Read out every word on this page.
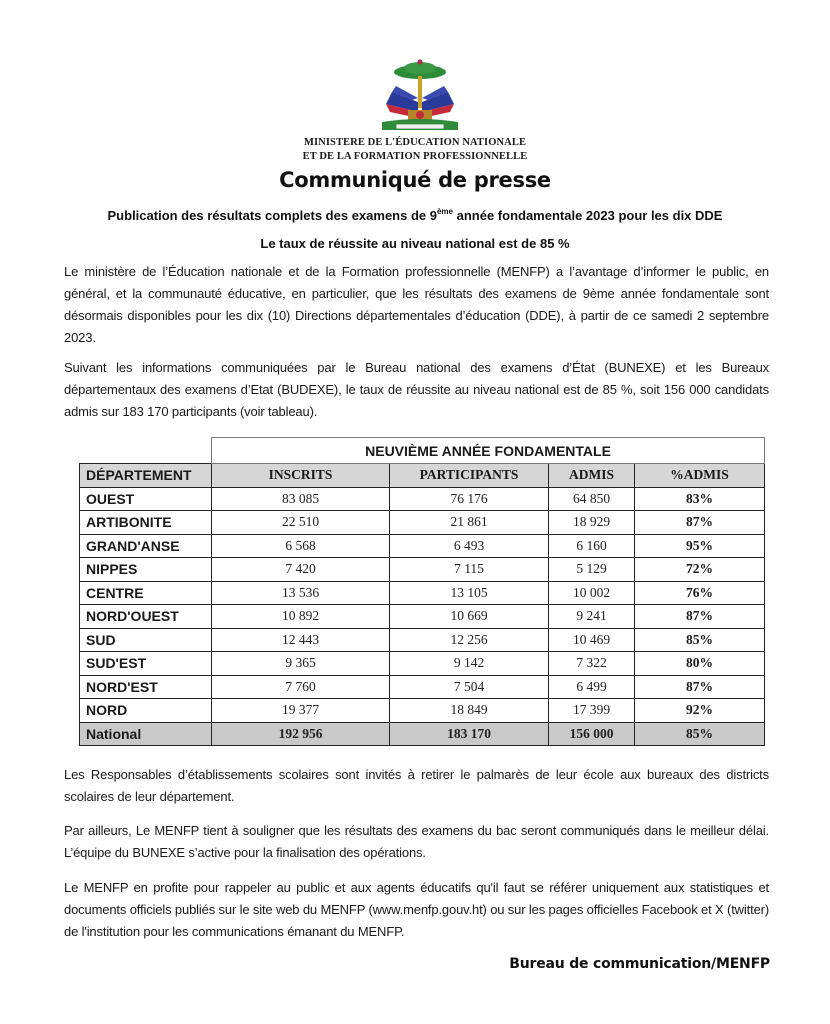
MINISTERE DE L'ÉDUCATION NATIONALE
ET DE LA FORMATION PROFESSIONNELLE
Communiqué de presse
Publication des résultats complets des examens de 9ème année fondamentale 2023 pour les dix DDE
Le taux de réussite au niveau national est de 85 %
Le ministère de l’Éducation nationale et de la Formation professionnelle (MENFP) a l’avantage d’informer le public, en général, et la communauté éducative, en particulier, que les résultats des examens de 9ème année fondamentale sont désormais disponibles pour les dix (10) Directions départementales d’éducation (DDE), à partir de ce samedi 2 septembre 2023.
Suivant les informations communiquées par le Bureau national des examens d’État (BUNEXE) et les Bureaux départementaux des examens d’Etat (BUDEXE), le taux de réussite au niveau national est de 85 %, soit 156 000 candidats admis sur 183 170 participants (voir tableau).
	NEUVIÈME ANNÉE FONDAMENTALE			
DÉPARTEMENT	INSCRITS	PARTICIPANTS	ADMIS	%ADMIS
OUEST	83 085	76 176	64 850	83%
ARTIBONITE	22 510	21 861	18 929	87%
GRAND'ANSE	6 568	6 493	6 160	95%
NIPPES	7 420	7 115	5 129	72%
CENTRE	13 536	13 105	10 002	76%
NORD'OUEST	10 892	10 669	9 241	87%
SUD	12 443	12 256	10 469	85%
SUD'EST	9 365	9 142	7 322	80%
NORD'EST	7 760	7 504	6 499	87%
NORD	19 377	18 849	17 399	92%
National	192 956	183 170	156 000	85%
Les Responsables d’établissements scolaires sont invités à retirer le palmarès de leur école aux bureaux des districts scolaires de leur département.
Par ailleurs, Le MENFP tient à souligner que les résultats des examens du bac seront communiqués dans le meilleur délai. L’équipe du BUNEXE s’active pour la finalisation des opérations.
Le MENFP en profite pour rappeler au public et aux agents éducatifs qu'il faut se référer uniquement aux statistiques et documents officiels publiés sur le site web du MENFP (www.menfp.gouv.ht) ou sur les pages officielles Facebook et X (twitter) de l'institution pour les communications émanant du MENFP.
Bureau de communication/MENFP
